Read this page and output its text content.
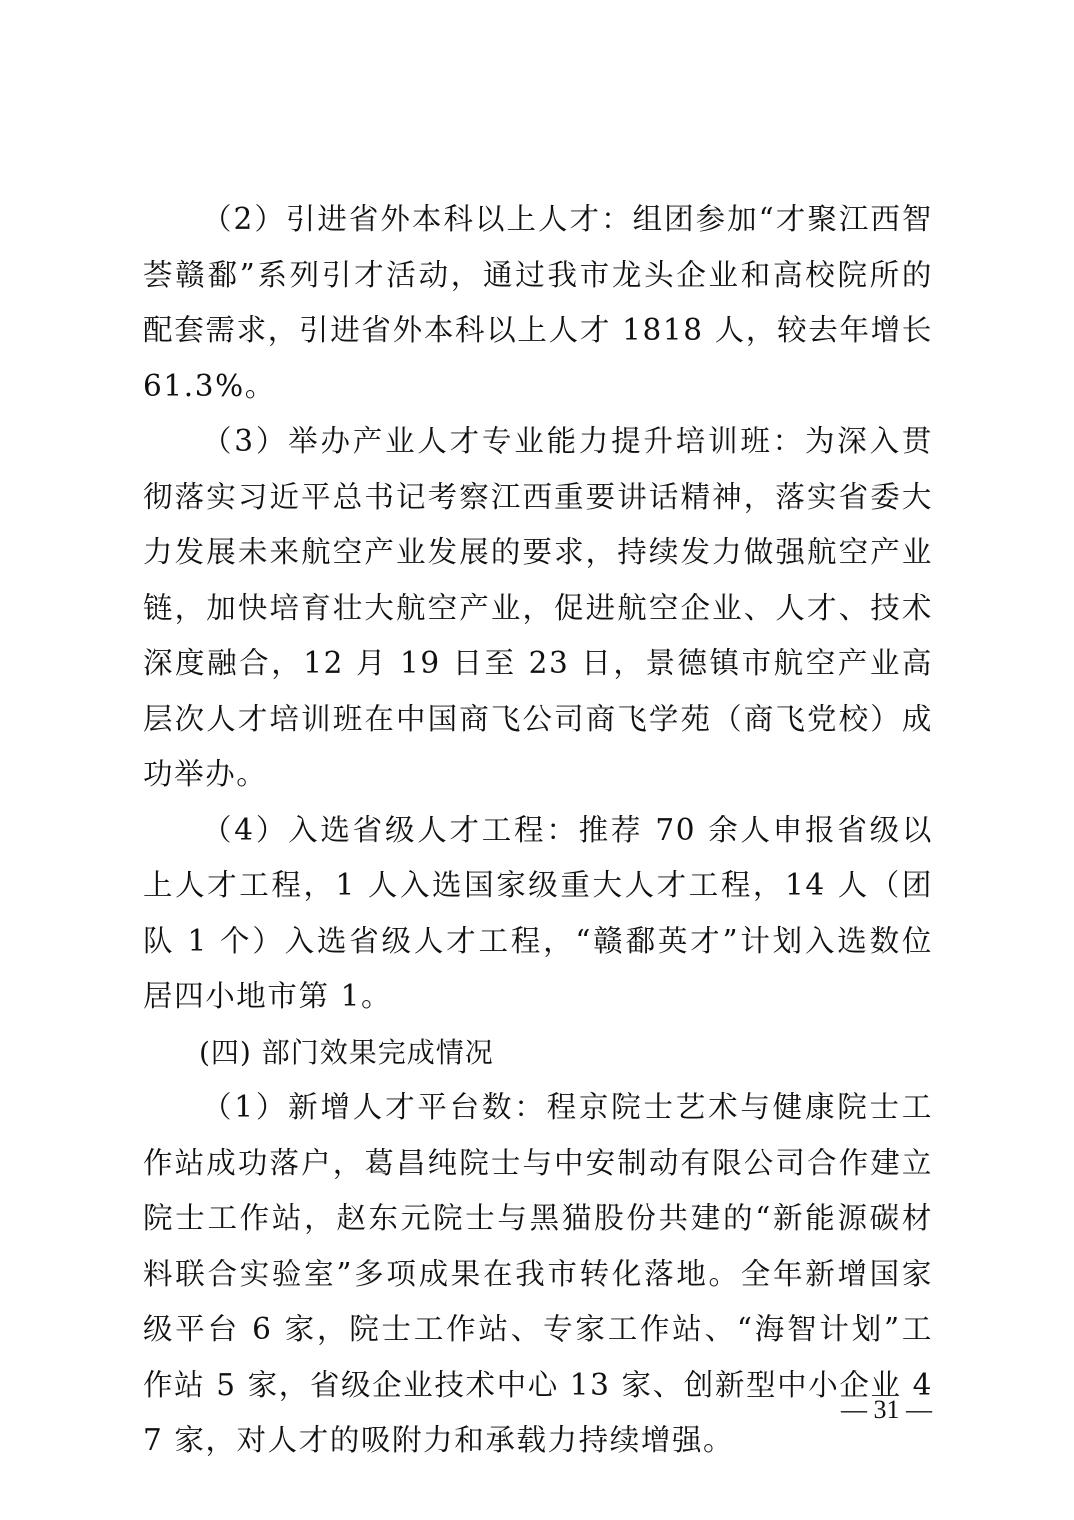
（2）引进省外本科以上人才：组团参加“才聚江西智荟赣鄱”系列引才活动，通过我市龙头企业和高校院所的配套需求，引进省外本科以上人才 1818 人，较去年增长 61.3%。

（3）举办产业人才专业能力提升培训班：为深入贯彻落实习近平总书记考察江西重要讲话精神，落实省委大力发展未来航空产业发展的要求，持续发力做强航空产业链，加快培育壮大航空产业，促进航空企业、人才、技术深度融合，12 月 19 日至 23 日，景德镇市航空产业高层次人才培训班在中国商飞公司商飞学苑（商飞党校）成功举办。

（4）入选省级人才工程：推荐 70 余人申报省级以上人才工程，1 人入选国家级重大人才工程，14 人（团队 1 个）入选省级人才工程，“赣鄱英才”计划入选数位居四小地市第 1。

(四) 部门效果完成情况

（1）新增人才平台数：程京院士艺术与健康院士工作站成功落户，葛昌纯院士与中安制动有限公司合作建立院士工作站，赵东元院士与黑猫股份共建的“新能源碳材料联合实验室”多项成果在我市转化落地。全年新增国家级平台 6 家，院士工作站、专家工作站、“海智计划”工作站 5 家，省级企业技术中心 13 家、创新型中小企业 47 家，对人才的吸附力和承载力持续增强。

— 31 —
